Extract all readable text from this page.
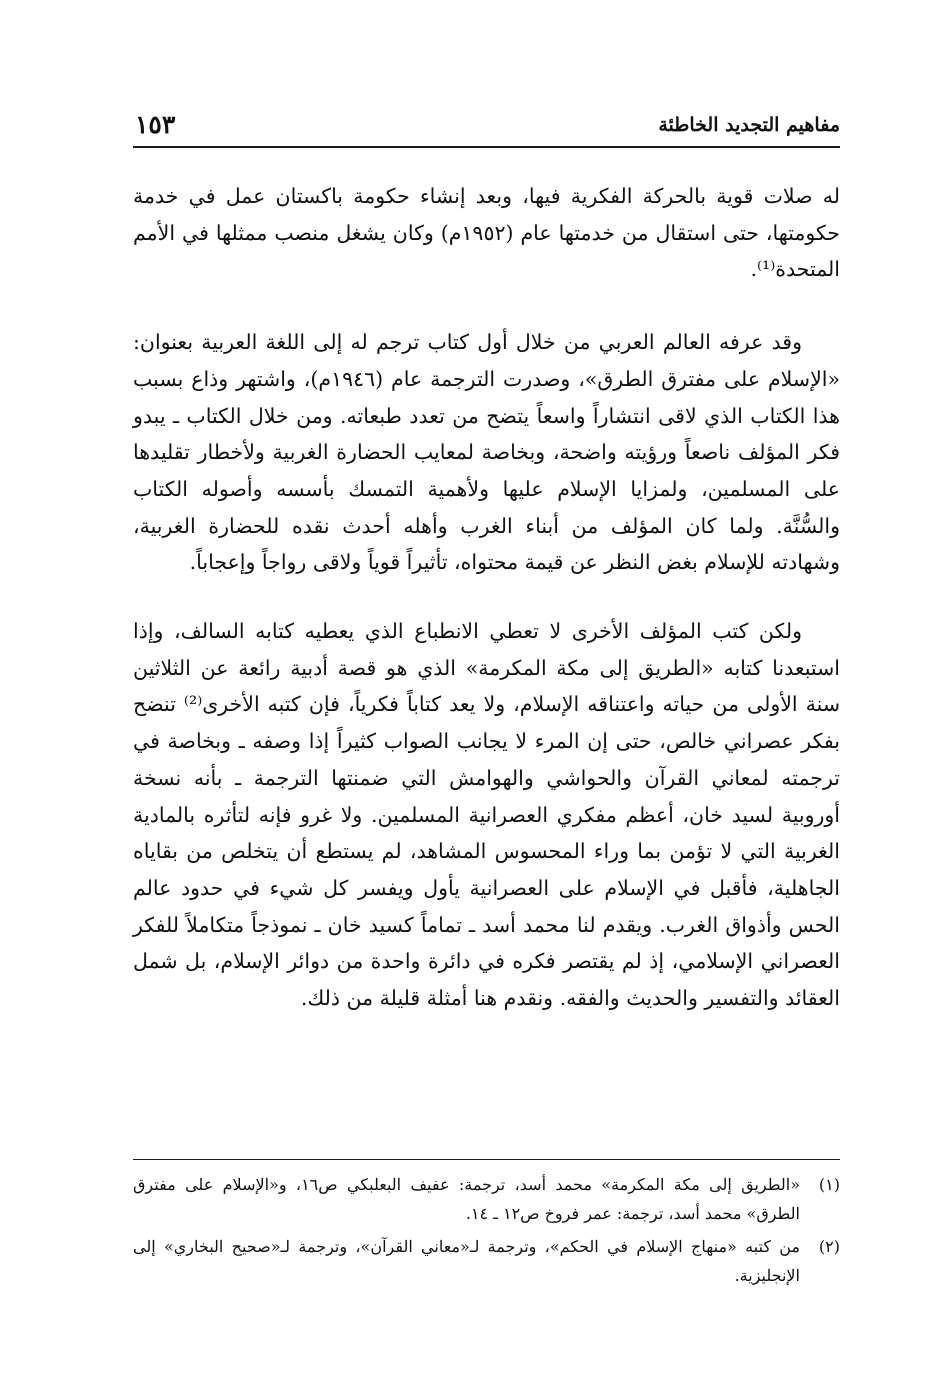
مفاهيم التجديد الخاطئة
١٥٣

له صلات قوية بالحركة الفكرية فيها، وبعد إنشاء حكومة باكستان عمل في خدمة حكومتها، حتى استقال من خدمتها عام (١٩٥٢م) وكان يشغل منصب ممثلها في الأمم المتحدة⁽¹⁾.

وقد عرفه العالم العربي من خلال أول كتاب ترجم له إلى اللغة العربية بعنوان: «الإسلام على مفترق الطرق»، وصدرت الترجمة عام (١٩٤٦م)، واشتهر وذاع بسبب هذا الكتاب الذي لاقى انتشاراً واسعاً يتضح من تعدد طبعاته. ومن خلال الكتاب ـ يبدو فكر المؤلف ناصعاً ورؤيته واضحة، وبخاصة لمعايب الحضارة الغربية ولأخطار تقليدها على المسلمين، ولمزايا الإسلام عليها ولأهمية التمسك بأسسه وأصوله الكتاب والسُّنَّة. ولما كان المؤلف من أبناء الغرب وأهله أحدث نقده للحضارة الغربية، وشهادته للإسلام بغض النظر عن قيمة محتواه، تأثيراً قوياً ولاقى رواجاً وإعجاباً.

ولكن كتب المؤلف الأخرى لا تعطي الانطباع الذي يعطيه كتابه السالف، وإذا استبعدنا كتابه «الطريق إلى مكة المكرمة» الذي هو قصة أدبية رائعة عن الثلاثين سنة الأولى من حياته واعتناقه الإسلام، ولا يعد كتاباً فكرياً، فإن كتبه الأخرى⁽²⁾ تنضح بفكر عصراني خالص، حتى إن المرء لا يجانب الصواب كثيراً إذا وصفه ـ وبخاصة في ترجمته لمعاني القرآن والحواشي والهوامش التي ضمنتها الترجمة ـ بأنه نسخة أوروبية لسيد خان، أعظم مفكري العصرانية المسلمين. ولا غرو فإنه لتأثره بالمادية الغربية التي لا تؤمن بما وراء المحسوس المشاهد، لم يستطع أن يتخلص من بقاياه الجاهلية، فأقبل في الإسلام على العصرانية يأول ويفسر كل شيء في حدود عالم الحس وأذواق الغرب. ويقدم لنا محمد أسد ـ تماماً كسيد خان ـ نموذجاً متكاملاً للفكر العصراني الإسلامي، إذ لم يقتصر فكره في دائرة واحدة من دوائر الإسلام، بل شمل العقائد والتفسير والحديث والفقه. ونقدم هنا أمثلة قليلة من ذلك.

(١)
«الطريق إلى مكة المكرمة» محمد أسد، ترجمة: عفيف البعلبكي ص١٦، و«الإسلام على مفترق الطرق» محمد أسد، ترجمة: عمر فروخ ص١٢ ـ ١٤.
(٢)
من كتبه «منهاج الإسلام في الحكم»، وترجمة لـ«معاني القرآن»، وترجمة لـ«صحيح البخاري» إلى الإنجليزية.
